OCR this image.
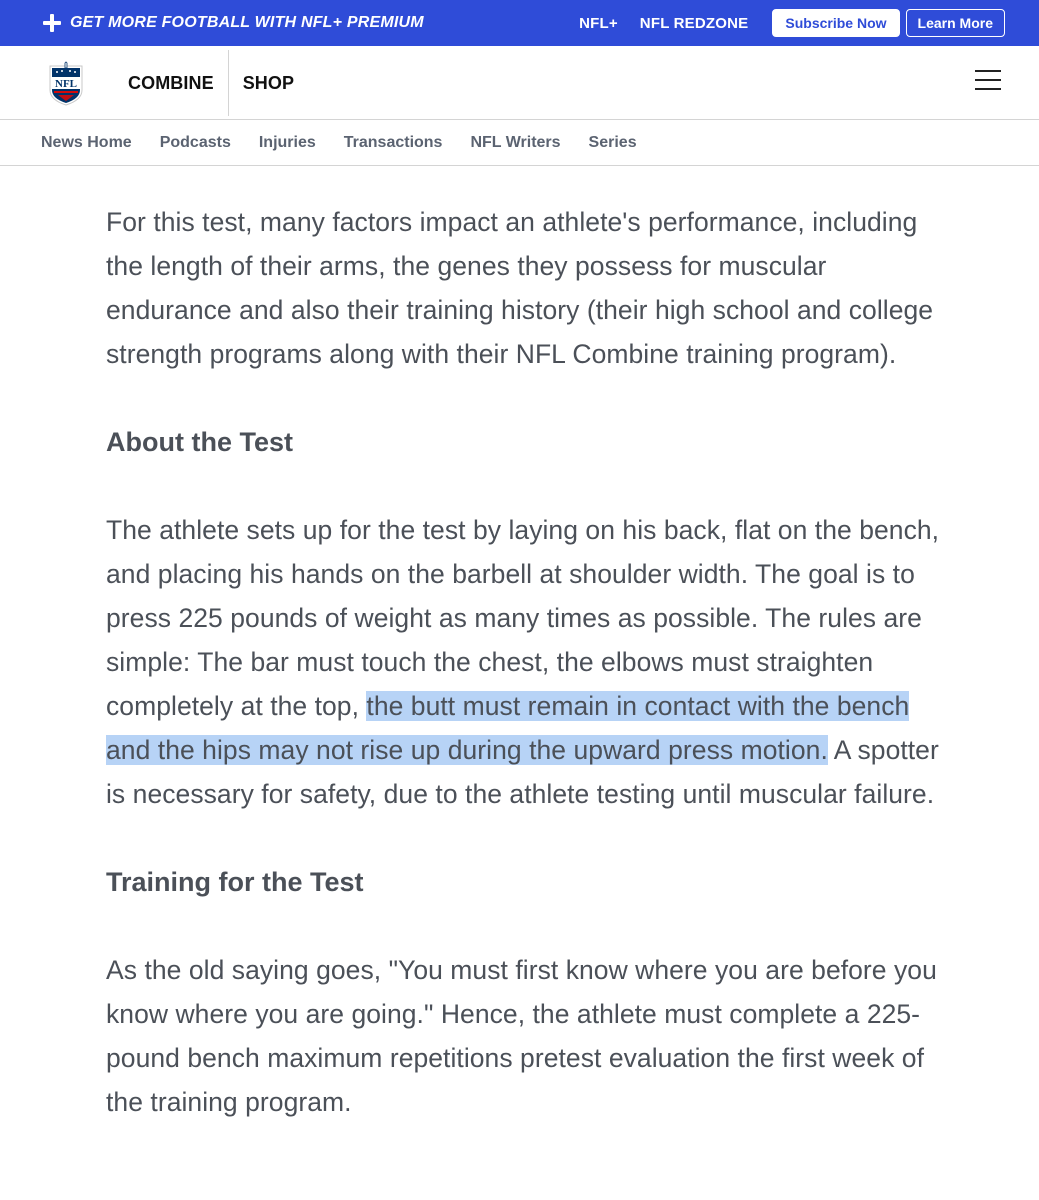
GET MORE FOOTBALL WITH NFL+ PREMIUM	NFL+ NFL REDZONE	Subscribe Now	Learn More
NFL	COMBINE SHOP
News Home Podcasts Injuries Transactions NFL Writers Series

For this test, many factors impact an athlete's performance, including the length of their arms, the genes they possess for muscular endurance and also their training history (their high school and college strength programs along with their NFL Combine training program).

About the Test

The athlete sets up for the test by laying on his back, flat on the bench, and placing his hands on the barbell at shoulder width. The goal is to press 225 pounds of weight as many times as possible. The rules are simple: The bar must touch the chest, the elbows must straighten completely at the top, the butt must remain in contact with the bench and the hips may not rise up during the upward press motion. A spotter is necessary for safety, due to the athlete testing until muscular failure.

Training for the Test

As the old saying goes, "You must first know where you are before you know where you are going." Hence, the athlete must complete a 225-pound bench maximum repetitions pretest evaluation the first week of the training program.
